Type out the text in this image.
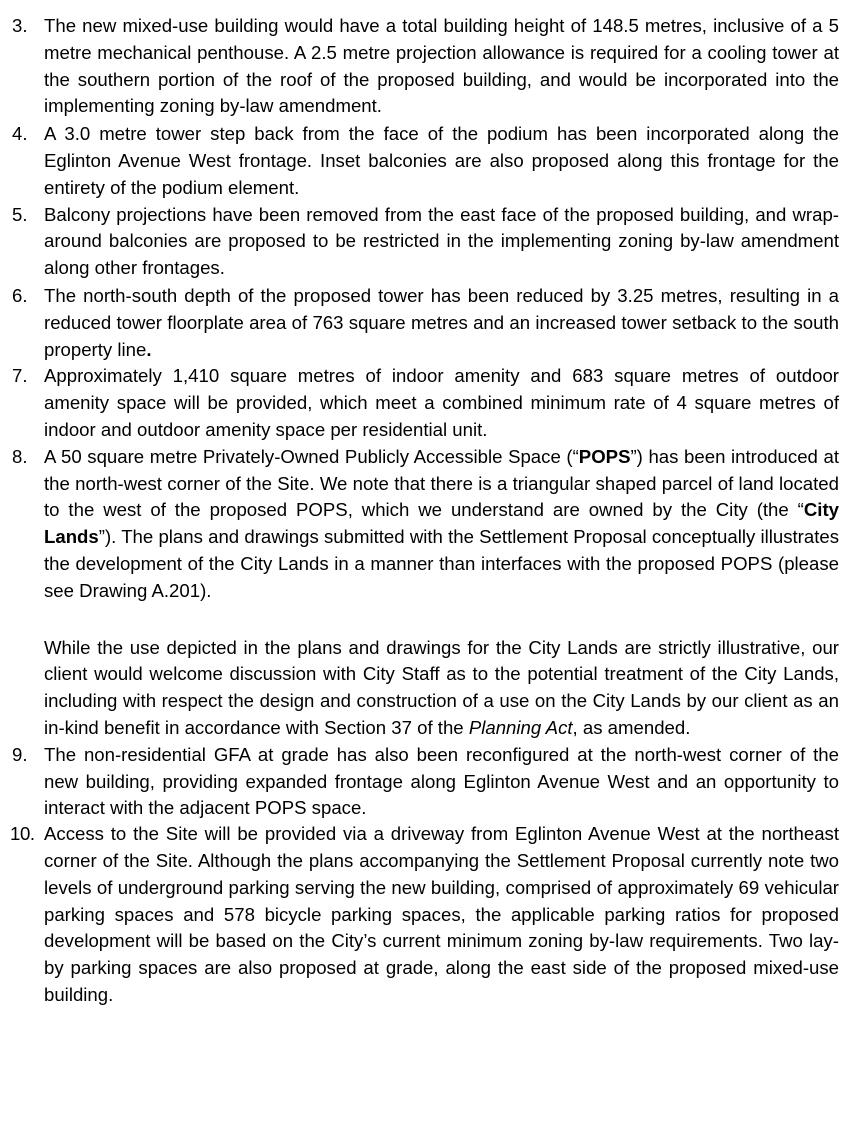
3. The new mixed-use building would have a total building height of 148.5 metres, inclusive of a 5 metre mechanical penthouse. A 2.5 metre projection allowance is required for a cooling tower at the southern portion of the roof of the proposed building, and would be incorporated into the implementing zoning by-law amendment.

4. A 3.0 metre tower step back from the face of the podium has been incorporated along the Eglinton Avenue West frontage. Inset balconies are also proposed along this frontage for the entirety of the podium element.

5. Balcony projections have been removed from the east face of the proposed building, and wrap-around balconies are proposed to be restricted in the implementing zoning by-law amendment along other frontages.

6. The north-south depth of the proposed tower has been reduced by 3.25 metres, resulting in a reduced tower floorplate area of 763 square metres and an increased tower setback to the south property line.

7. Approximately 1,410 square metres of indoor amenity and 683 square metres of outdoor amenity space will be provided, which meet a combined minimum rate of 4 square metres of indoor and outdoor amenity space per residential unit.

8. A 50 square metre Privately-Owned Publicly Accessible Space (“POPS”) has been introduced at the north-west corner of the Site. We note that there is a triangular shaped parcel of land located to the west of the proposed POPS, which we understand are owned by the City (the “City Lands”). The plans and drawings submitted with the Settlement Proposal conceptually illustrates the development of the City Lands in a manner than interfaces with the proposed POPS (please see Drawing A.201).

While the use depicted in the plans and drawings for the City Lands are strictly illustrative, our client would welcome discussion with City Staff as to the potential treatment of the City Lands, including with respect the design and construction of a use on the City Lands by our client as an in-kind benefit in accordance with Section 37 of the Planning Act, as amended.

9. The non-residential GFA at grade has also been reconfigured at the north-west corner of the new building, providing expanded frontage along Eglinton Avenue West and an opportunity to interact with the adjacent POPS space.

10. Access to the Site will be provided via a driveway from Eglinton Avenue West at the northeast corner of the Site. Although the plans accompanying the Settlement Proposal currently note two levels of underground parking serving the new building, comprised of approximately 69 vehicular parking spaces and 578 bicycle parking spaces, the applicable parking ratios for proposed development will be based on the City’s current minimum zoning by-law requirements. Two lay-by parking spaces are also proposed at grade, along the east side of the proposed mixed-use building.
